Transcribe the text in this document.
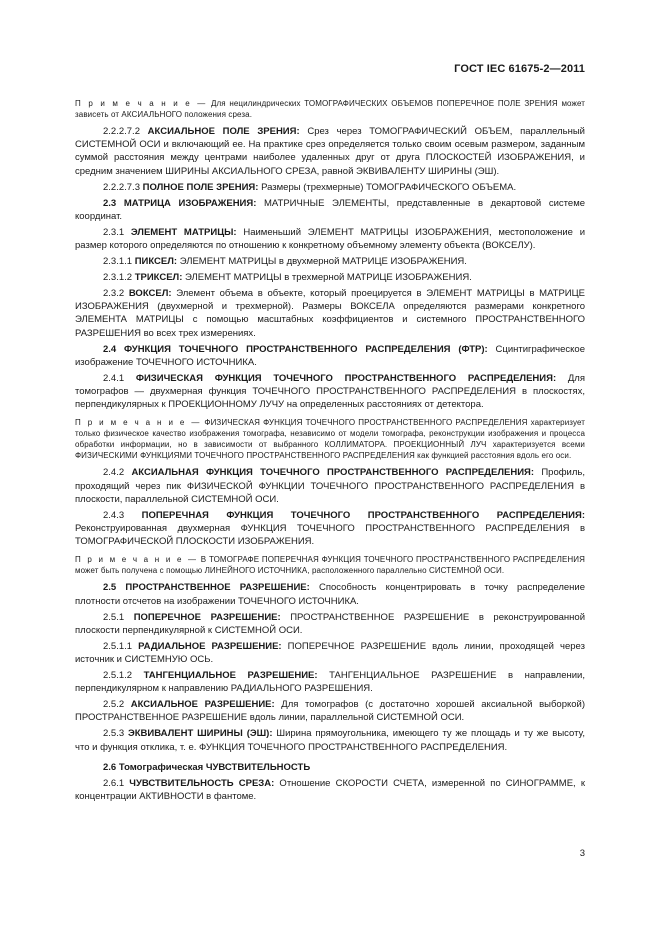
ГОСТ IEC 61675-2—2011

П р и м е ч а н и е — Для нецилиндрических ТОМОГРАФИЧЕСКИХ ОБЪЕМОВ ПОПЕРЕЧНОЕ ПОЛЕ ЗРЕНИЯ может зависеть от АКСИАЛЬНОГО положения среза.

2.2.2.7.2 АКСИАЛЬНОЕ ПОЛЕ ЗРЕНИЯ: Срез через ТОМОГРАФИЧЕСКИЙ ОБЪЕМ, параллельный СИСТЕМНОЙ ОСИ и включающий ее. На практике срез определяется только своим осевым размером, заданным суммой расстояния между центрами наиболее удаленных друг от друга ПЛОСКОСТЕЙ ИЗОБРАЖЕНИЯ, и средним значением ШИРИНЫ АКСИАЛЬНОГО СРЕЗА, равной ЭКВИВАЛЕНТУ ШИРИНЫ (ЭШ).

2.2.2.7.3 ПОЛНОЕ ПОЛЕ ЗРЕНИЯ: Размеры (трехмерные) ТОМОГРАФИЧЕСКОГО ОБЪЕМА.

2.3 МАТРИЦА ИЗОБРАЖЕНИЯ: МАТРИЧНЫЕ ЭЛЕМЕНТЫ, представленные в декартовой системе координат.

2.3.1 ЭЛЕМЕНТ МАТРИЦЫ: Наименьший ЭЛЕМЕНТ МАТРИЦЫ ИЗОБРАЖЕНИЯ, местоположение и размер которого определяются по отношению к конкретному объемному элементу объекта (ВОКСЕЛУ).

2.3.1.1 ПИКСЕЛ: ЭЛЕМЕНТ МАТРИЦЫ в двухмерной МАТРИЦЕ ИЗОБРАЖЕНИЯ.

2.3.1.2 ТРИКСЕЛ: ЭЛЕМЕНТ МАТРИЦЫ в трехмерной МАТРИЦЕ ИЗОБРАЖЕНИЯ.

2.3.2 ВОКСЕЛ: Элемент объема в объекте, который проецируется в ЭЛЕМЕНТ МАТРИЦЫ в МАТРИЦЕ ИЗОБРАЖЕНИЯ (двухмерной и трехмерной). Размеры ВОКСЕЛА определяются размерами конкретного ЭЛЕМЕНТА МАТРИЦЫ с помощью масштабных коэффициентов и системного ПРОСТРАНСТВЕННОГО РАЗРЕШЕНИЯ во всех трех измерениях.

2.4 ФУНКЦИЯ ТОЧЕЧНОГО ПРОСТРАНСТВЕННОГО РАСПРЕДЕЛЕНИЯ (ФТР): Сцинтиграфическое изображение ТОЧЕЧНОГО ИСТОЧНИКА.

2.4.1 ФИЗИЧЕСКАЯ ФУНКЦИЯ ТОЧЕЧНОГО ПРОСТРАНСТВЕННОГО РАСПРЕДЕЛЕНИЯ: Для томографов — двухмерная функция ТОЧЕЧНОГО ПРОСТРАНСТВЕННОГО РАСПРЕДЕЛЕНИЯ в плоскостях, перпендикулярных к ПРОЕКЦИОННОМУ ЛУЧУ на определенных расстояниях от детектора.

П р и м е ч а н и е — ФИЗИЧЕСКАЯ ФУНКЦИЯ ТОЧЕЧНОГО ПРОСТРАНСТВЕННОГО РАСПРЕДЕЛЕНИЯ характеризует только физическое качество изображения томографа, независимо от модели томографа, реконструкции изображения и процесса обработки информации, но в зависимости от выбранного КОЛЛИМАТОРА. ПРОЕКЦИОННЫЙ ЛУЧ характеризуется всеми ФИЗИЧЕСКИМИ ФУНКЦИЯМИ ТОЧЕЧНОГО ПРОСТРАНСТВЕННОГО РАСПРЕДЕЛЕНИЯ как функцией расстояния вдоль его оси.

2.4.2 АКСИАЛЬНАЯ ФУНКЦИЯ ТОЧЕЧНОГО ПРОСТРАНСТВЕННОГО РАСПРЕДЕЛЕНИЯ: Профиль, проходящий через пик ФИЗИЧЕСКОЙ ФУНКЦИИ ТОЧЕЧНОГО ПРОСТРАНСТВЕННОГО РАСПРЕДЕЛЕНИЯ в плоскости, параллельной СИСТЕМНОЙ ОСИ.

2.4.3 ПОПЕРЕЧНАЯ ФУНКЦИЯ ТОЧЕЧНОГО ПРОСТРАНСТВЕННОГО РАСПРЕДЕЛЕНИЯ: Реконструированная двухмерная ФУНКЦИЯ ТОЧЕЧНОГО ПРОСТРАНСТВЕННОГО РАСПРЕДЕЛЕНИЯ в ТОМОГРАФИЧЕСКОЙ ПЛОСКОСТИ ИЗОБРАЖЕНИЯ.

П р и м е ч а н и е — В ТОМОГРАФЕ ПОПЕРЕЧНАЯ ФУНКЦИЯ ТОЧЕЧНОГО ПРОСТРАНСТВЕННОГО РАСПРЕДЕЛЕНИЯ может быть получена с помощью ЛИНЕЙНОГО ИСТОЧНИКА, расположенного параллельно СИСТЕМНОЙ ОСИ.

2.5 ПРОСТРАНСТВЕННОЕ РАЗРЕШЕНИЕ: Способность концентрировать в точку распределение плотности отсчетов на изображении ТОЧЕЧНОГО ИСТОЧНИКА.

2.5.1 ПОПЕРЕЧНОЕ РАЗРЕШЕНИЕ: ПРОСТРАНСТВЕННОЕ РАЗРЕШЕНИЕ в реконструированной плоскости перпендикулярной к СИСТЕМНОЙ ОСИ.

2.5.1.1 РАДИАЛЬНОЕ РАЗРЕШЕНИЕ: ПОПЕРЕЧНОЕ РАЗРЕШЕНИЕ вдоль линии, проходящей через источник и СИСТЕМНУЮ ОСЬ.

2.5.1.2 ТАНГЕНЦИАЛЬНОЕ РАЗРЕШЕНИЕ: ТАНГЕНЦИАЛЬНОЕ РАЗРЕШЕНИЕ в направлении, перпендикулярном к направлению РАДИАЛЬНОГО РАЗРЕШЕНИЯ.

2.5.2 АКСИАЛЬНОЕ РАЗРЕШЕНИЕ: Для томографов (с достаточно хорошей аксиальной выборкой) ПРОСТРАНСТВЕННОЕ РАЗРЕШЕНИЕ вдоль линии, параллельной СИСТЕМНОЙ ОСИ.

2.5.3 ЭКВИВАЛЕНТ ШИРИНЫ (ЭШ): Ширина прямоугольника, имеющего ту же площадь и ту же высоту, что и функция отклика, т. е. ФУНКЦИЯ ТОЧЕЧНОГО ПРОСТРАНСТВЕННОГО РАСПРЕДЕЛЕНИЯ.

2.6 Томографическая ЧУВСТВИТЕЛЬНОСТЬ

2.6.1 ЧУВСТВИТЕЛЬНОСТЬ СРЕЗА: Отношение СКОРОСТИ СЧЕТА, измеренной по СИНОГРАММЕ, к концентрации АКТИВНОСТИ в фантоме.

3
